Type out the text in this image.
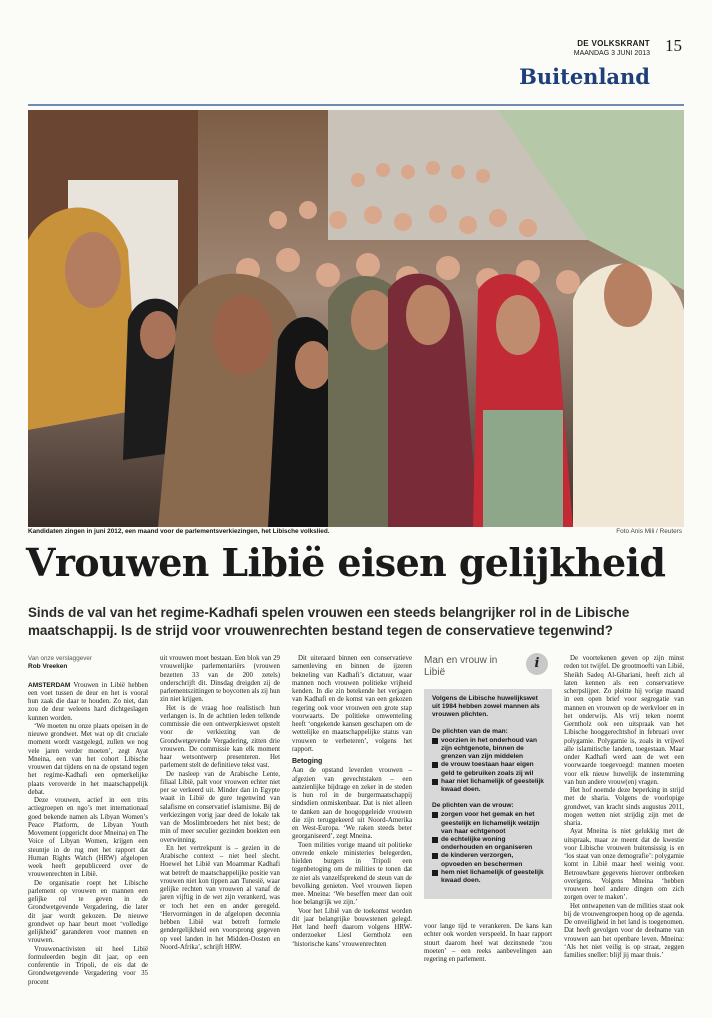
DE VOLKSKRANT
MAANDAG 3 JUNI 2013 15
Buitenland
Kandidaten zingen in juni 2012, een maand voor de parlementsverkiezingen, het Libische volkslied.	Foto Anis Mili / Reuters
Vrouwen Libië eisen gelijkheid

Sinds de val van het regime-Kadhafi spelen vrouwen een steeds belangrijker rol in de Libische maatschappij. Is de strijd voor vrouwenrechten bestand tegen de conservatieve tegenwind?

Van onze verslaggever
Rob Vreeken

AMSTERDAM Vrouwen in Libië hebben een voet tussen de deur en het is vooral hun zaak die daar te houden. Zo niet, dan zou de deur weleens hard dichtgeslagen kunnen worden.

‘We moeten nu onze plaats opeisen in de nieuwe grondwet. Met wat op dit cruciale moment wordt vastgelegd, zullen we nog vele jaren verder moeten’, zegt Ayat Mneina, een van het cohort Libische vrouwen dat tijdens en na de opstand tegen het regime-Kadhafi een opmerkelijke plaats veroverde in het maatschappelijk debat.

Deze vrouwen, actief in een trits actiegroepen en ngo’s met internationaal goed bekende namen als Libyan Women’s Peace Platform, de Libyan Youth Movement (opgericht door Mneina) en The Voice of Libyan Women, krijgen een steuntje in de rug met het rapport dat Human Rights Watch (HRW) afgelopen week heeft gepubliceerd over de vrouwenrechten in Libië.

De organisatie roept het Libische parlement op vrouwen en mannen een gelijke rol te geven in de Grondwetgevende Vergadering, die later dit jaar wordt gekozen. De nieuwe grondwet op haar beurt moet ‘volledige gelijkheid’ garanderen voor mannen en vrouwen.

Vrouwenactivisten uit heel Libië formuleerden begin dit jaar, op een conferentie in Tripoli, de eis dat de Grondwetgevende Vergadering voor 35 procent

uit vrouwen moet bestaan. Een blok van 29 vrouwelijke parlementariërs (vrouwen bezetten 33 van de 200 zetels) onderschrijft dit. Dinsdag dreigden zij de parlementszittingen te boycotten als zij hun zin niet krijgen.

Het is de vraag hoe realistisch hun verlangen is. In de achttien leden tellende commissie die een ontwerpkieswet opstelt voor de verkiezing van de Grondwetgevende Vergadering, zitten drie vrouwen. De commissie kan elk moment haar wetsontwerp presenteren. Het parlement stelt de definitieve tekst vast.

De nasleep van de Arabische Lente, filiaal Libië, palt voor vrouwen echter niet per se verkeerd uit. Minder dan in Egypte waait in Libië de gure tegenwind van salafisme en conservatief islamisme. Bij de verkiezingen vorig jaar deed de lokale tak van de Moslimbroeders het niet best; de min of meer seculier gezinden boekten een overwinning.

En het vertrekpunt is – gezien in de Arabische context – niet heel slecht. Hoewel het Libië van Moammar Kadhafi wat betreft de maatschappelijke positie van vrouwen niet kon tippen aan Tunesië, waar gelijke rechten van vrouwen al vanaf de jaren vijftig in de wet zijn verankerd, was er toch het een en ander geregeld. ‘Hervormingen in de afgelopen decennia hebben Libië wat betreft formele gendergelijkheid een voorsprong gegeven op veel landen in het Midden-Oosten en Noord-Afrika’, schrijft HRW.

Dit uiteraard binnen een conservatieve samenleving en binnen de ijzeren bekneling van Kadhafi’s dictatuur, waar mannen noch vrouwen politieke vrijheid kenden. In die zin betekende het verjagen van Kadhafi en de komst van een gekozen regering ook voor vrouwen een grote stap voorwaarts. De politieke omwenteling heeft ‘ongekende kansen geschapen om de wettelijke en maatschappelijke status van vrouwen te verbeteren’, volgens het rapport.

Betoging

Aan de opstand leverden vrouwen – afgezien van gevechtstaken – een aanzienlijke bijdrage en zeker in de steden is hun rol in de burgermaatschappij sindsdien onmiskenbaar. Dat is niet alleen te danken aan de hoogopgeleide vrouwen die zijn teruggekeerd uit Noord-Amerika en West-Europa. ‘We raken steeds beter georganiseerd’, zegt Mneina.

Toen milities vorige maand uit politieke onvrede enkele ministeries belegerden, hielden burgers in Tripoli een tegenbetoging om de milities te tonen dat ze niet als vanzelfsprekend de steun van de bevolking genieten. Veel vrouwen liepen mee. Mneina: ‘We beseffen meer dan ooit hoe belangrijk we zijn.’

Voor het Libië van de toekomst worden dit jaar belangrijke bouwstenen gelegd. Het land heeft daarom volgens HRW-onderzoeker Liesl Gerntholz een ‘historische kans’ vrouwenrechten

Man en vrouw in Libië
i

Volgens de Libische huwelijkswet uit 1984 hebben zowel mannen als vrouwen plichten.

De plichten van de man:
voorzien in het onderhoud van zijn echtgenote, binnen de grenzen van zijn middelen
de vrouw toestaan haar eigen geld te gebruiken zoals zij wil
haar niet lichamelijk of geestelijk kwaad doen.
De plichten van de vrouw:
zorgen voor het gemak en het geestelijk en lichamelijk welzijn van haar echtgenoot
de echtelijke woning onderhouden en organiseren
de kinderen verzorgen, opvoeden en beschermen
hem niet lichamelijk of geestelijk kwaad doen.
voor lange tijd te verankeren. De kans kan echter ook worden verspeeld. In haar rapport stuurt daarom heel wat dezinsnede ‘zou moeten’ – een reeks aanbevelingen aan regering en parlement.

De voortekenen geven op zijn minst reden tot twijfel. De grootmoefti van Libië, Sheikh Sadeq Al-Ghariani, heeft zich al laten kennen als een conservatieve scherpslijper. Zo pleitte hij vorige maand in een open brief voor segregatie van mannen en vrouwen op de werkvloer en in het onderwijs. Als vrij teken noemt Gerntholz ook een uitspraak van het Libische hooggerechtshof in februari over polygamie. Polygamie is, zoals in vrijwel alle islamitische landen, toegestaan. Maar onder Kadhafi werd aan de wet een voorwaarde toegevoegd: mannen moeten voor elk nieuw huwelijk de instemming van hun andere vrouw(en) vragen.

Het hof noemde deze beperking in strijd met de sharia. Volgens de voorlopige grondwet, van kracht sinds augustus 2011, mogen wetten niet strijdig zijn met de sharia.

Ayat Mneina is niet gelukkig met de uitspraak, maar ze meent dat de kwestie voor Libische vrouwen buitensissig is en ‘los staat van onze demografie’: polygamie komt in Libië maar heel weinig voor. Betrouwbare gegevens hierover ontbreken overigens. Volgens Mneina ‘hebben vrouwen heel andere dingen om zich zorgen over te maken’.

Het ontwapenen van de milities staat ook bij de vrouwengroepen hoog op de agenda. De onveiligheid in het land is toegenomen. Dat heeft gevolgen voor de deelname van vrouwen aan het openbare leven. Mneina: ‘Als het niet veilig is op straat, zeggen families sneller: blijf jij maar thuis.’
